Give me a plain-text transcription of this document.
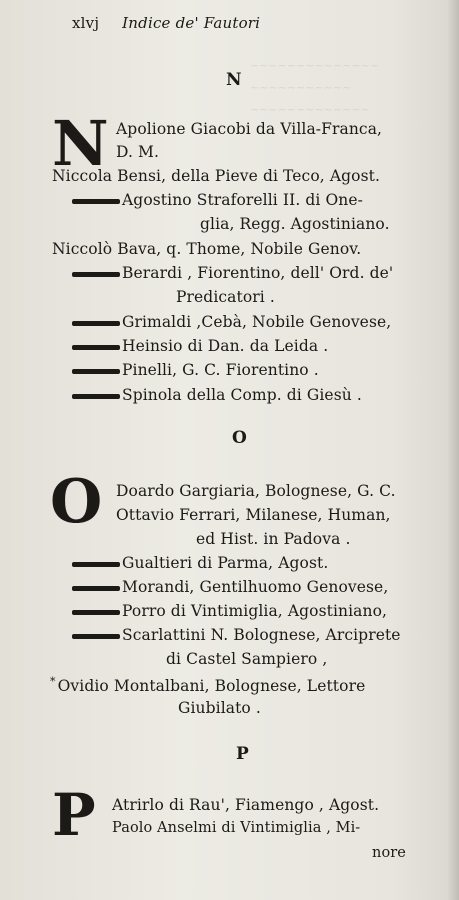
~~~~~~~~~~~~~~
~~~~~~~~~~~
~~~~~~~~~~~~~
xlvj Indice de' Fautori
N
N Apolione Giacobi da Villa-Franca,
D. M.
Niccola Bensi, della Pieve di Teco, Agost.
Agostino Straforelli II. di One-
glia, Regg. Agostiniano.
Niccolò Bava, q. Thome, Nobile Genov.
Berardi , Fiorentino, dell' Ord. de'
Predicatori .
Grimaldi ,Cebà, Nobile Genovese,
Heinsio di Dan. da Leida .
Pinelli, G. C. Fiorentino .
Spinola della Comp. di Giesù .
O
O Doardo Gargiaria, Bolognese, G. C.
Ottavio Ferrari, Milanese, Human,
ed Hist. in Padova .
Gualtieri di Parma, Agost.
Morandi, Gentilhuomo Genovese,
Porro di Vintimiglia, Agostiniano,
Scarlattini N. Bolognese, Arciprete
di Castel Sampiero ,
* Ovidio Montalbani, Bolognese, Lettore
Giubilato .
P
P Atrirlo di Rau', Fiamengo , Agost.
Paolo Anselmi di Vintimiglia , Mi-
nore
